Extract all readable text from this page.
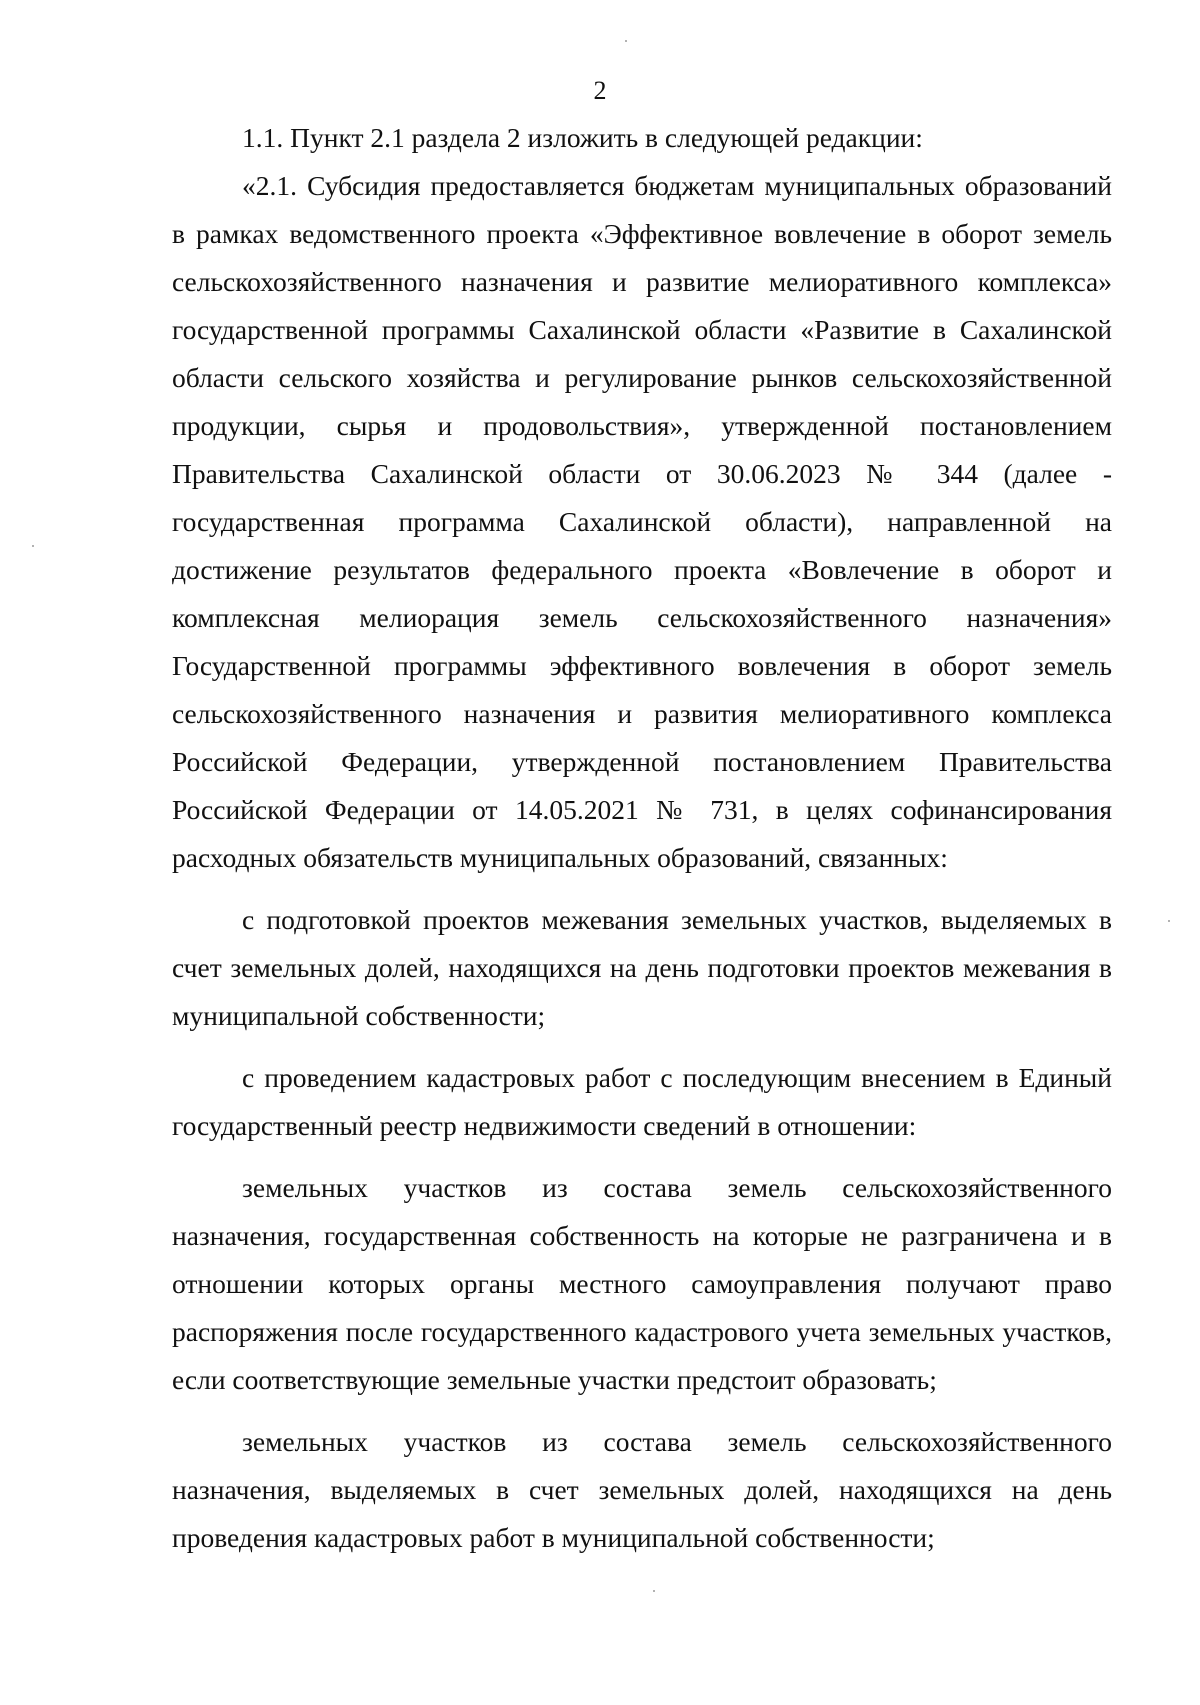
2

1.1. Пункт 2.1 раздела 2 изложить в следующей редакции:

«2.1. Субсидия предоставляется бюджетам муниципальных образований в рамках ведомственного проекта «Эффективное вовлечение в оборот земель сельскохозяйственного назначения и развитие мелиоративного комплекса» государственной программы Сахалинской области «Развитие в Сахалинской области сельского хозяйства и регулирование рынков сельскохозяйственной продукции, сырья и продовольствия», утвержденной постановлением Правительства Сахалинской области от 30.06.2023 № 344 (далее - государственная программа Сахалинской области), направленной на достижение результатов федерального проекта «Вовлечение в оборот и комплексная мелиорация земель сельскохозяйственного назначения» Государственной программы эффективного вовлечения в оборот земель сельскохозяйственного назначения и развития мелиоративного комплекса Российской Федерации, утвержденной постановлением Правительства Российской Федерации от 14.05.2021 № 731, в целях софинансирования расходных обязательств муниципальных образований, связанных:

с подготовкой проектов межевания земельных участков, выделяемых в счет земельных долей, находящихся на день подготовки проектов межевания в муниципальной собственности;

с проведением кадастровых работ с последующим внесением в Единый государственный реестр недвижимости сведений в отношении:

земельных участков из состава земель сельскохозяйственного назначения, государственная собственность на которые не разграничена и в отношении которых органы местного самоуправления получают право распоряжения после государственного кадастрового учета земельных участков, если соответствующие земельные участки предстоит образовать;

земельных участков из состава земель сельскохозяйственного назначения, выделяемых в счет земельных долей, находящихся на день проведения кадастровых работ в муниципальной собственности;
